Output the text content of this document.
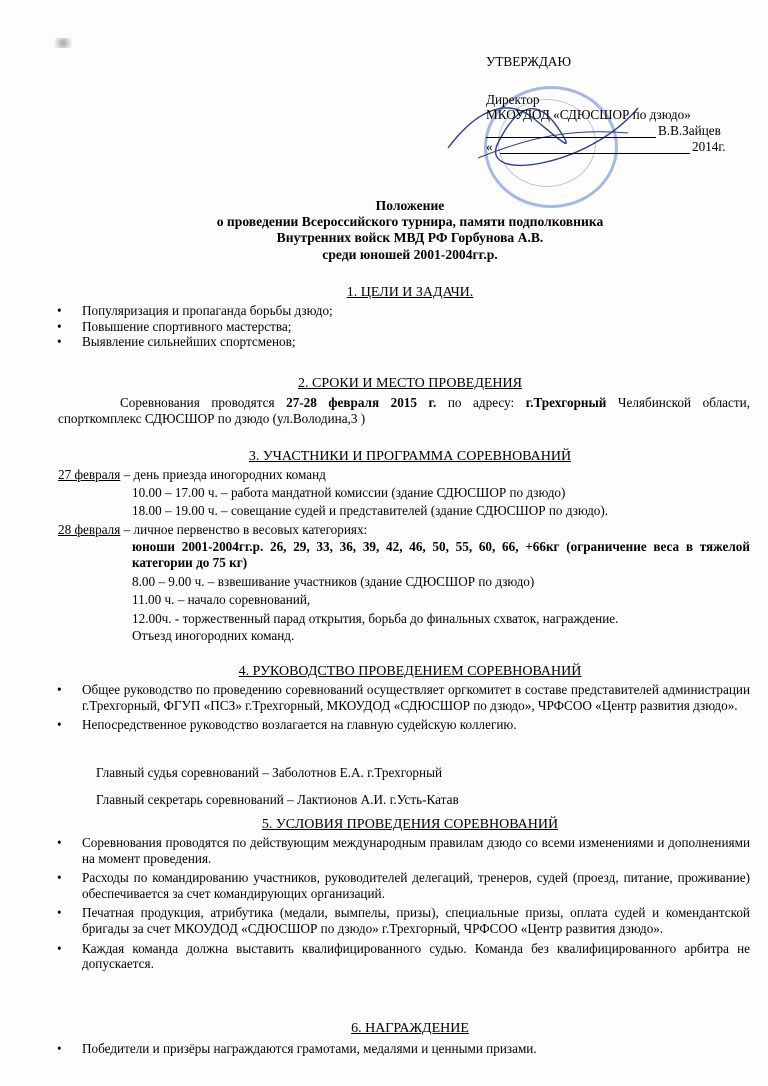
УТВЕРЖДАЮ
Директор
МКОУДОД «СДЮСШОР по дзюдо»
В.В.Зайцев
«	2014г.
Положение
о проведении Всероссийского турнира, памяти подполковника
Внутренних войск МВД РФ Горбунова А.В.
среди юношей 2001-2004гг.р.
1. ЦЕЛИ И ЗАДАЧИ.
• Популяризация и пропаганда борьбы дзюдо;
• Повышение спортивного мастерства;
• Выявление сильнейших спортсменов;
2. СРОКИ И МЕСТО ПРОВЕДЕНИЯ
Соревнования проводятся 27-28 февраля 2015 г. по адресу: г.Трехгорный Челябинской области, спорткомплекс СДЮСШОР по дзюдо (ул.Володина,3 )
3. УЧАСТНИКИ И ПРОГРАММА СОРЕВНОВАНИЙ
27 февраля – день приезда иногородних команд
10.00 – 17.00 ч. – работа мандатной комиссии (здание СДЮСШОР по дзюдо)
18.00 – 19.00 ч. – совещание судей и представителей (здание СДЮСШОР по дзюдо).
28 февраля – личное первенство в весовых категориях:
юноши 2001-2004гг.р. 26, 29, 33, 36, 39, 42, 46, 50, 55, 60, 66, +66кг (ограничение веса в тяжелой категории до 75 кг)
8.00 – 9.00 ч. – взвешивание участников (здание СДЮСШОР по дзюдо)
11.00 ч. – начало соревнований,
12.00ч. - торжественный парад открытия, борьба до финальных схваток, награждение.
Отъезд иногородних команд.
4. РУКОВОДСТВО ПРОВЕДЕНИЕМ СОРЕВНОВАНИЙ
• Общее руководство по проведению соревнований осуществляет оргкомитет в составе представителей администрации г.Трехгорный, ФГУП «ПСЗ» г.Трехгорный, МКОУДОД «СДЮСШОР по дзюдо», ЧРФСОО «Центр развития дзюдо».
• Непосредственное руководство возлагается на главную судейскую коллегию.
Главный судья соревнований – Заболотнов Е.А. г.Трехгорный
Главный секретарь соревнований – Лактионов А.И. г.Усть-Катав
5. УСЛОВИЯ ПРОВЕДЕНИЯ СОРЕВНОВАНИЙ
• Соревнования проводятся по действующим международным правилам дзюдо со всеми изменениями и дополнениями на момент проведения.
• Расходы по командированию участников, руководителей делегаций, тренеров, судей (проезд, питание, проживание) обеспечивается за счет командирующих организаций.
• Печатная продукция, атрибутика (медали, вымпелы, призы), специальные призы, оплата судей и комендантской бригады за счет МКОУДОД «СДЮСШОР по дзюдо» г.Трехгорный, ЧРФСОО «Центр развития дзюдо».
• Каждая команда должна выставить квалифицированного судью. Команда без квалифицированного арбитра не допускается.
6. НАГРАЖДЕНИЕ
• Победители и призёры награждаются грамотами, медалями и ценными призами.
